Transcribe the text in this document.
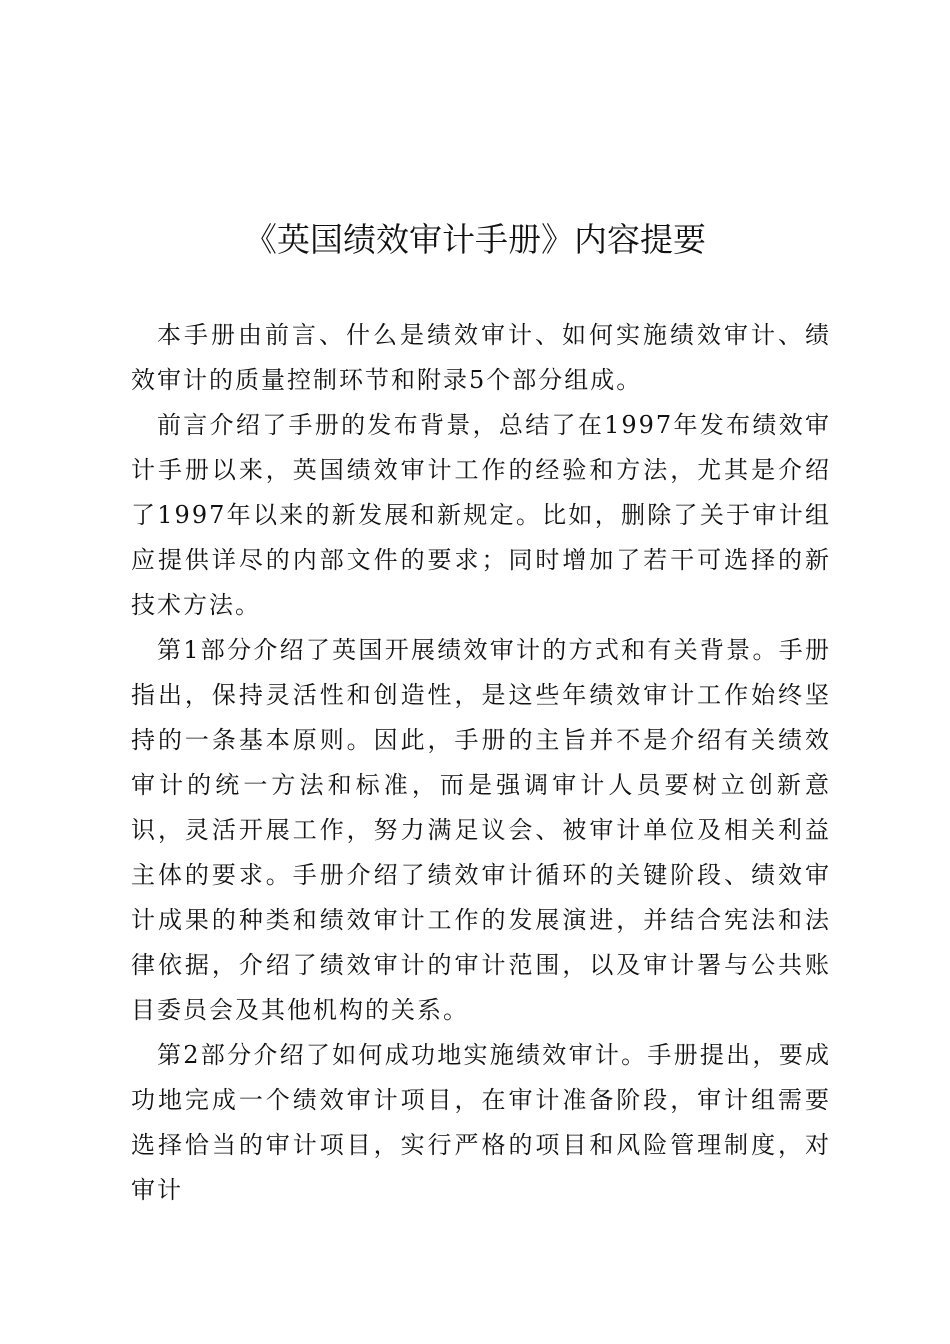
《英国绩效审计手册》内容提要

本手册由前言、什么是绩效审计、如何实施绩效审计、绩效审计的质量控制环节和附录5个部分组成。

前言介绍了手册的发布背景，总结了在1997年发布绩效审计手册以来，英国绩效审计工作的经验和方法，尤其是介绍了1997年以来的新发展和新规定。比如，删除了关于审计组应提供详尽的内部文件的要求；同时增加了若干可选择的新技术方法。

第1部分介绍了英国开展绩效审计的方式和有关背景。手册指出，保持灵活性和创造性，是这些年绩效审计工作始终坚持的一条基本原则。因此，手册的主旨并不是介绍有关绩效审计的统一方法和标准，而是强调审计人员要树立创新意识，灵活开展工作，努力满足议会、被审计单位及相关利益主体的要求。手册介绍了绩效审计循环的关键阶段、绩效审计成果的种类和绩效审计工作的发展演进，并结合宪法和法律依据，介绍了绩效审计的审计范围，以及审计署与公共账目委员会及其他机构的关系。

第2部分介绍了如何成功地实施绩效审计。手册提出，要成功地完成一个绩效审计项目，在审计准备阶段，审计组需要选择恰当的审计项目，实行严格的项目和风险管理制度，对审计
